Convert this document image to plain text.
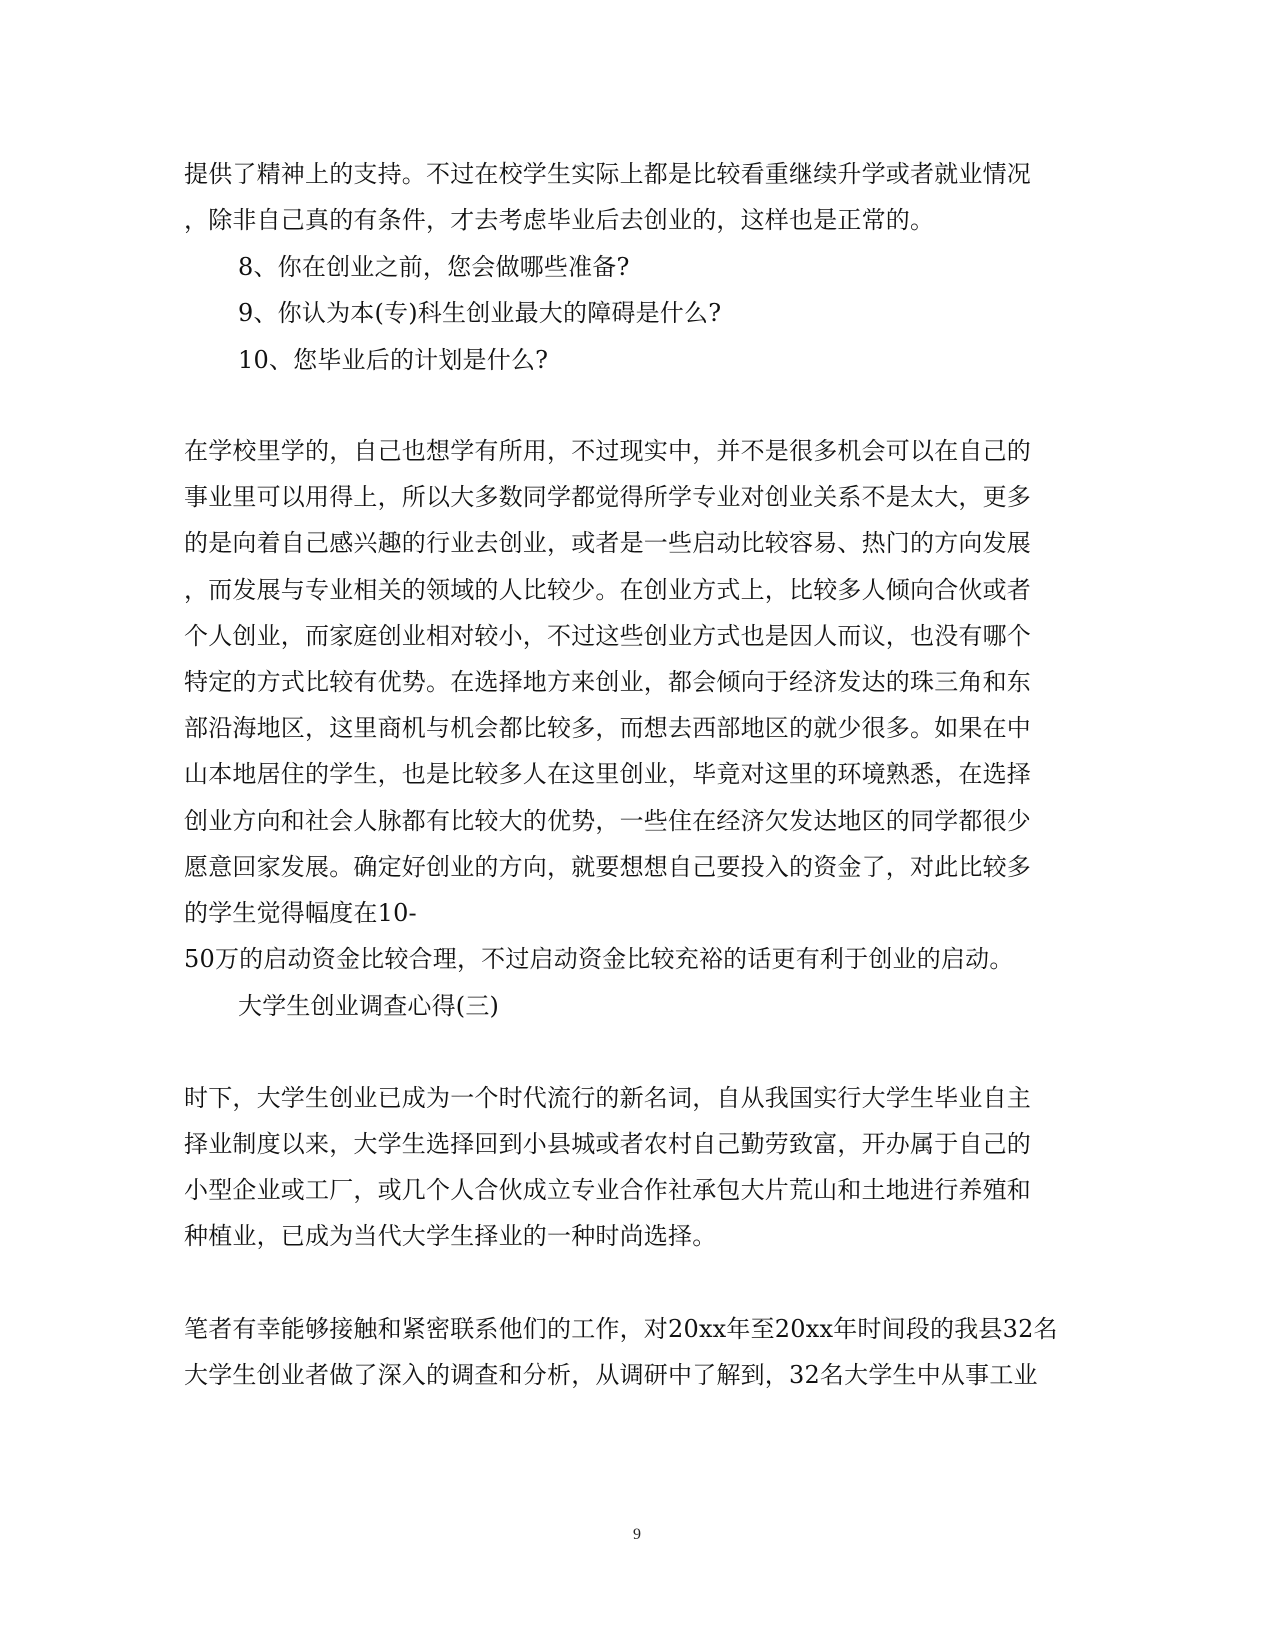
提供了精神上的支持。不过在校学生实际上都是比较看重继续升学或者就业情况
，除非自己真的有条件，才去考虑毕业后去创业的，这样也是正常的。
8、你在创业之前，您会做哪些准备?
9、你认为本(专)科生创业最大的障碍是什么?
10、您毕业后的计划是什么?
在学校里学的，自己也想学有所用，不过现实中，并不是很多机会可以在自己的
事业里可以用得上，所以大多数同学都觉得所学专业对创业关系不是太大，更多
的是向着自己感兴趣的行业去创业，或者是一些启动比较容易、热门的方向发展
，而发展与专业相关的领域的人比较少。在创业方式上，比较多人倾向合伙或者
个人创业，而家庭创业相对较小，不过这些创业方式也是因人而议，也没有哪个
特定的方式比较有优势。在选择地方来创业，都会倾向于经济发达的珠三角和东
部沿海地区，这里商机与机会都比较多，而想去西部地区的就少很多。如果在中
山本地居住的学生，也是比较多人在这里创业，毕竟对这里的环境熟悉，在选择
创业方向和社会人脉都有比较大的优势，一些住在经济欠发达地区的同学都很少
愿意回家发展。确定好创业的方向，就要想想自己要投入的资金了，对此比较多
的学生觉得幅度在10-
50万的启动资金比较合理，不过启动资金比较充裕的话更有利于创业的启动。
大学生创业调查心得(三)
时下，大学生创业已成为一个时代流行的新名词，自从我国实行大学生毕业自主
择业制度以来，大学生选择回到小县城或者农村自己勤劳致富，开办属于自己的
小型企业或工厂，或几个人合伙成立专业合作社承包大片荒山和土地进行养殖和
种植业，已成为当代大学生择业的一种时尚选择。
笔者有幸能够接触和紧密联系他们的工作，对20xx年至20xx年时间段的我县32名
大学生创业者做了深入的调查和分析，从调研中了解到，32名大学生中从事工业
9
